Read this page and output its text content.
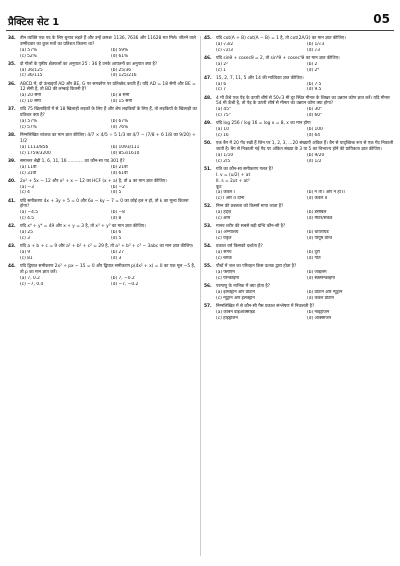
प्रैक्टिस सेट 1	05
34. तीन व्यक्ति एक पद के लिए चुनाव लड़ते हैं और उन्हें क्रमशः 1136, 7636 और 11628 मत मिले। जीतने वाले उम्मीदवार का कुल मतों का प्रतिशत कितना था?
(a) 57%	(b) 59%
(c) 52%	(d) 61%
35. दो गोलों के पृष्ठीय क्षेत्रफलों का अनुपात 25 : 36 है उनके आयतनों का अनुपात क्या है?
(a) 36/125	(b) 25/36
(c) 36/115	(d) 125/216
36. ABCD में, दो ऊंचाइयाँ AD और BE, G पर समकोण पर प्रतिच्छेद करती हैं। यदि AD = 18 सेमी और BE = 12 सेमी है, तो BD की लम्बाई कितनी है?
(a) 20 सेमी	(b) 8 सेमी
(c) 10 सेमी	(d) 15 सेमी
37. यदि 75 खिलाड़ियों में से 18 खिलाड़ी लड़कों के लिए हैं और शेष लड़कियों के लिए हैं, तो लड़कियों के खिलाड़ी का प्रतिशत क्या है?
(a) 57%	(b) 67%
(c) 57%	(d) 76%
38. निम्नलिखित व्यंजक का मान ज्ञात कीजिए। 4/7 × 4/5 ÷ 5 1/3 का 4/7 − (7/8 + 6 1/8 का 9/20) + 1/2
(a) 1113/856	(b) 1093/111
(c) 1759/3200	(d) 853/1610
39. समान्तर श्रेढ़ी 1, 6, 11, 16 ........... का कौन-सा पद 301 है?
(a) 11वीं	(b) 21वीं
(c) 31वीं	(d) 61वीं
40. 2x² + 5x − 12 और x² + x − 12 का HCF (x + a) है, तो a का मान ज्ञात कीजिए।
(a) −3	(b) −2
(c) 4	(d) 5
41. यदि समीकरण 4x + 3y + 5 = 0 और 6x − ky − 7 = 0 का कोई हल न हो, तो k का मूल्य कितना होगा?
(a) −4.5	(b) −8
(c) 4.5	(d) 8
42. यदि x⁴ + y⁴ = 49 और x + y = 3 है, तो x³ + y³ का मान ज्ञात कीजिए।
(a) 25	(b) 6
(c) 3	(d) 5
43. यदि a + b + c = 9 और a² + b² + c² = 29 है, तो a³ + b³ + c³ − 3abc का मान ज्ञात कीजिए।
(a) 9	(b) 27
(c) 81	(d) 3
44. यदि द्विघात समीकरण 2x² + px − 15 = 0 और द्विघात समीकरण p(4x² + x) = 0 का एक मूल −5 है, तो p का मान ज्ञात करें।
(a) 7, 0.2	(b) 7, −0.2
(c) −7, 0.4	(d) −7, −0.2
45. यदि cot(A + B) cot(A − B) = 1 है, तो cot(2A/3) का मान ज्ञात कीजिए।
(a) √3/2	(b) 1/√3
(c) √2/3	(d) √3
46. यदि sinθ + cosecθ = 2, तो sin⁴θ + cosec⁴θ का मान ज्ञात कीजिए।
(a) 2²	(b) 2
(c) 1	(d) 2⁴
47. 15, 2, 7, 11, 5 और 14 की माध्यिका ज्ञात कीजिए।
(a) 6	(b) 7.5
(c) 7	(d) 9.5
48. 4 मी ऊँचे एक पेड़ के ऊपरी शीर्ष से 50√3 मी दूर स्थित मीनार के शिखर का उन्नयन कोण ज्ञात करें। यदि मीनार 54 मी ऊँची है, तो पेड़ के ऊपरी शीर्ष से मीनार का उन्नयन कोण क्या होगा?
(a) 45°	(b) 30°
(c) 75°	(d) 60°
49. यदि log 256 / log 16 = log x = 8, x का मान होगा
(a) 10	(b) 100
(c) 16	(d) 64
50. एक बैग में 20 गेंद रखी हैं जिन पर 1, 2, 3, ...20 संख्याएँ अंकित हैं। बैग से यादृच्छिक रूप से एक गेंद निकाली जाती है। बैग से निकाली गई गेंद पर अंकित संख्या के 3 या 5 का विभाज्य होने की प्रायिकता ज्ञात कीजिए।
(a) 1/10	(b) 9/20
(c) 2/5	(d) 1/2
51. गति का कौन-सा समीकरण गलत है?
I. v = (u/2) + at
II. s = 2ut + at²
कूट
(a) केवल I	(b) न तो I और न ही II
(c) I और II दोनों	(d) केवल II
52. निम्न की प्रबलता को किसमें मापा जाता है?
(a) हर्ट्ज़	(b) डेसीबल
(c) ओम	(d) मीटर/सेकंड
53. मानव शरीर की सबसे बड़ी ग्रन्थि कौन-सी है?
(a) अग्न्याशय	(b) थायरॉयड
(c) यकृत	(d) पीयूष ग्रन्थि
54. प्रकाश वर्ष किसको दर्शाता है?
(a) समय	(b) दूरी
(c) चमक	(d) गति
55. पौधों में जल का परिवहन किस ऊतक द्वारा होता है?
(a) फ्लोएम	(b) जाइलम
(c) पैरेन्काइमा	(d) स्क्लेरेन्काइमा
56. परमाणु के नाभिक में क्या होता है?
(a) इलेक्ट्रॉन और प्रोटॉन	(b) प्रोटॉन और न्यूट्रॉन
(c) न्यूट्रॉन और इलेक्ट्रॉन	(d) केवल प्रोटॉन
57. निम्नलिखित में से कौन-सी गैस प्रकाश संश्लेषण में निकलती है?
(a) कार्बन डाइऑक्साइड	(b) नाइट्रोजन
(c) हाइड्रोजन	(d) ऑक्सीजन
